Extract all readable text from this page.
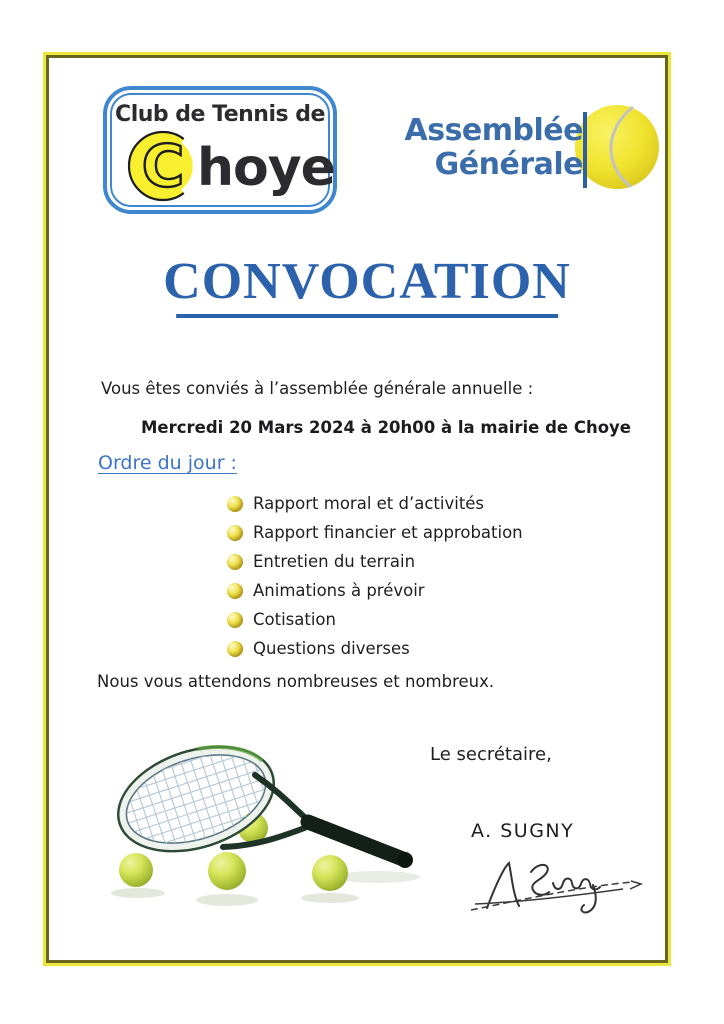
Club de Tennis de
C hoye
Assemblée
Générale
CONVOCATION
Vous êtes conviés à l’assemblée générale annuelle :
Mercredi 20 Mars 2024 à 20h00 à la mairie de Choye
Ordre du jour :
Rapport moral et d’activités
Rapport financier et approbation
Entretien du terrain
Animations à prévoir
Cotisation
Questions diverses
Nous vous attendons nombreuses et nombreux.
Le secrétaire,
A. SUGNY
